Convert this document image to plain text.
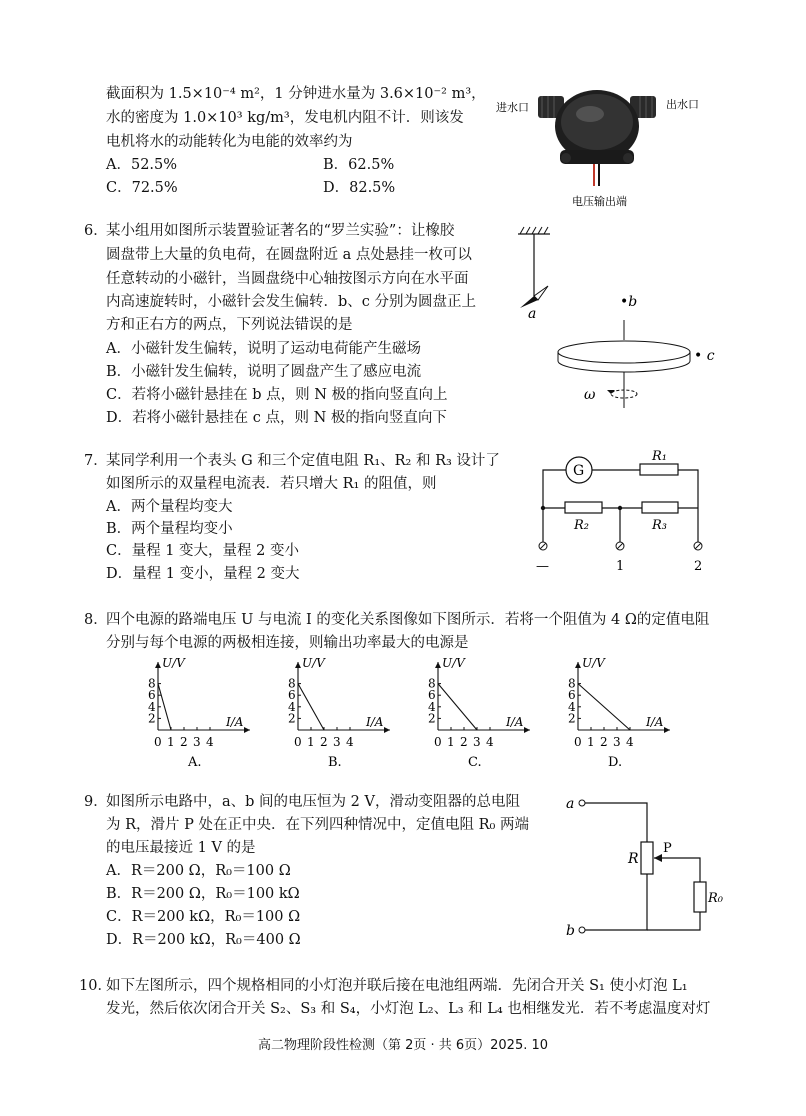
截面积为 1.5×10⁻⁴ m²，1 分钟进水量为 3.6×10⁻² m³，
水的密度为 1.0×10³ kg/m³，发电机内阻不计．则该发
电机将水的动能转化为电能的效率约为
A．52.5%	B．62.5%
C．72.5%	D．82.5%
进水口	出水口
电压输出端
6．
某小组用如图所示装置验证著名的“罗兰实验”：让橡胶
圆盘带上大量的负电荷，在圆盘附近 a 点处悬挂一枚可以
任意转动的小磁针，当圆盘绕中心轴按图示方向在水平面
内高速旋转时，小磁针会发生偏转．b、c 分别为圆盘正上
方和正右方的两点，下列说法错误的是
A．小磁针发生偏转，说明了运动电荷能产生磁场
B．小磁针发生偏转，说明了圆盘产生了感应电流
C．若将小磁针悬挂在 b 点，则 N 极的指向竖直向上
D．若将小磁针悬挂在 c 点，则 N 极的指向竖直向下
a
•b
• c
ω
7．
某同学利用一个表头 G 和三个定值电阻 R₁、R₂ 和 R₃ 设计了
如图所示的双量程电流表．若只增大 R₁ 的阻值，则
A．两个量程均变大
B．两个量程均变小
C．量程 1 变大，量程 2 变小
D．量程 1 变小，量程 2 变大
G
R₁
R₂	R₃
—	1	2
8．
四个电源的路端电压 U 与电流 I 的变化关系图像如下图所示．若将一个阻值为 4 Ω的定值电阻
分别与每个电源的两极相连接，则输出功率最大的电源是
2
4
6
8
0 1 2 3 4
U/V
I/A
A.
2
4
6
8
0 1 2 3 4
U/V
I/A
B.
2
4
6
8
0 1 2 3 4
U/V
I/A
C.
2
4
6
8
0 1 2 3 4
U/V
I/A
D.
9．
如图所示电路中，a、b 间的电压恒为 2 V，滑动变阻器的总电阻
为 R，滑片 P 处在正中央．在下列四种情况中，定值电阻 R₀ 两端
的电压最接近 1 V 的是
A．R＝200 Ω，R₀＝100 Ω
B．R＝200 Ω，R₀＝100 kΩ
C．R＝200 kΩ，R₀＝100 Ω
D．R＝200 kΩ，R₀＝400 Ω
a
R
P
R₀
b
10．
如下左图所示，四个规格相同的小灯泡并联后接在电池组两端．先闭合开关 S₁ 使小灯泡 L₁
发光，然后依次闭合开关 S₂、S₃ 和 S₄，小灯泡 L₂、L₃ 和 L₄ 也相继发光．若不考虑温度对灯
高二物理阶段性检测（第 2页 · 共 6页）2025. 10
